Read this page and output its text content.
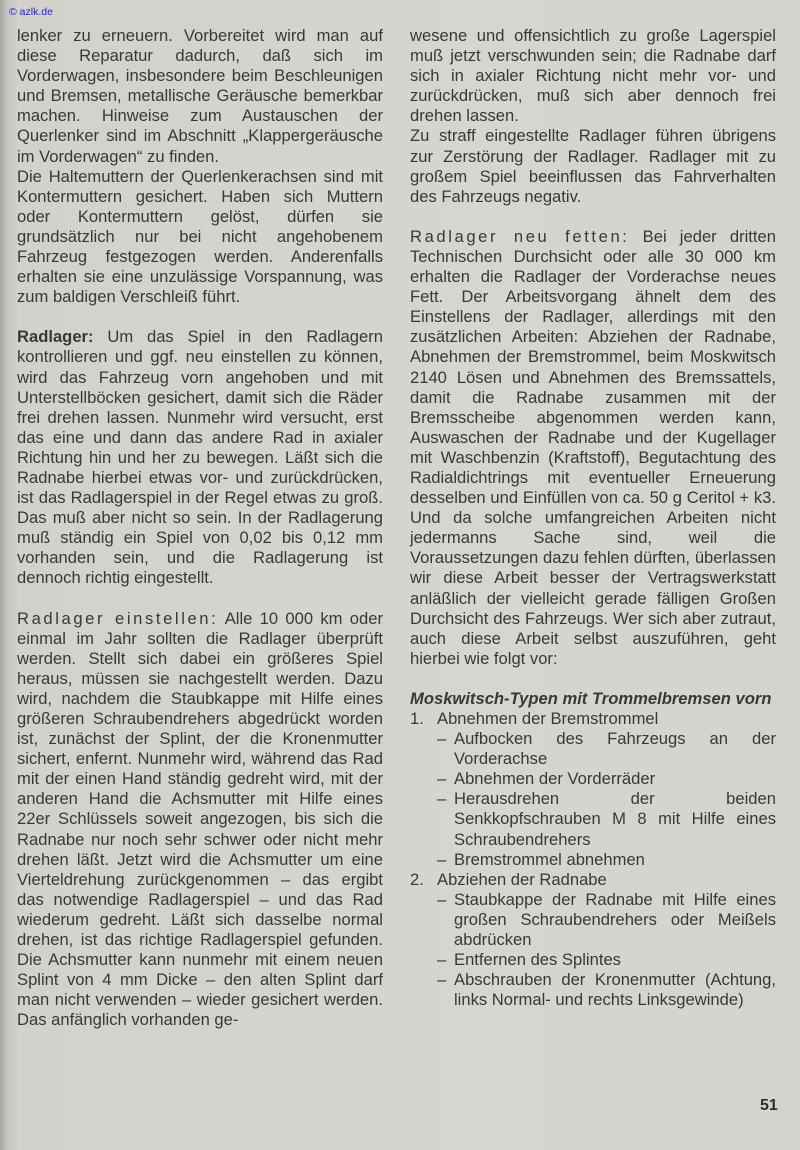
© azlk.de

lenker zu erneuern. Vorbereitet wird man auf diese Reparatur dadurch, daß sich im Vorderwagen, insbesondere beim Beschleunigen und Bremsen, metallische Geräusche bemerkbar machen. Hinweise zum Austauschen der Querlenker sind im Abschnitt „Klappergeräusche im Vorderwagen“ zu finden.

Die Haltemuttern der Querlenkerachsen sind mit Kontermuttern gesichert. Haben sich Muttern oder Kontermuttern gelöst, dürfen sie grundsätzlich nur bei nicht angehobenem Fahrzeug festgezogen werden. Anderenfalls erhalten sie eine unzulässige Vorspannung, was zum baldigen Verschleiß führt.

Radlager: Um das Spiel in den Radlagern kontrollieren und ggf. neu einstellen zu können, wird das Fahrzeug vorn angehoben und mit Unterstellböcken gesichert, damit sich die Räder frei drehen lassen. Nunmehr wird versucht, erst das eine und dann das andere Rad in axialer Richtung hin und her zu bewegen. Läßt sich die Radnabe hierbei etwas vor- und zurückdrücken, ist das Radlagerspiel in der Regel etwas zu groß. Das muß aber nicht so sein. In der Radlagerung muß ständig ein Spiel von 0,02 bis 0,12 mm vorhanden sein, und die Radlagerung ist dennoch richtig eingestellt.

Radlager einstellen: Alle 10 000 km oder einmal im Jahr sollten die Radlager überprüft werden. Stellt sich dabei ein größeres Spiel heraus, müssen sie nachgestellt werden. Dazu wird, nachdem die Staubkappe mit Hilfe eines größeren Schraubendrehers abgedrückt worden ist, zunächst der Splint, der die Kronenmutter sichert, enfernt. Nunmehr wird, während das Rad mit der einen Hand ständig gedreht wird, mit der anderen Hand die Achsmutter mit Hilfe eines 22er Schlüssels soweit angezogen, bis sich die Radnabe nur noch sehr schwer oder nicht mehr drehen läßt. Jetzt wird die Achsmutter um eine Vierteldrehung zurückgenommen – das ergibt das notwendige Radlagerspiel – und das Rad wiederum gedreht. Läßt sich dasselbe normal drehen, ist das richtige Radlagerspiel gefunden. Die Achsmutter kann nunmehr mit einem neuen Splint von 4 mm Dicke – den alten Splint darf man nicht verwenden – wieder gesichert werden. Das anfänglich vorhanden ge-

wesene und offensichtlich zu große Lagerspiel muß jetzt verschwunden sein; die Radnabe darf sich in axialer Richtung nicht mehr vor- und zurückdrücken, muß sich aber dennoch frei drehen lassen.

Zu straff eingestellte Radlager führen übrigens zur Zerstörung der Radlager. Radlager mit zu großem Spiel beeinflussen das Fahrverhalten des Fahrzeugs negativ.

Radlager neu fetten: Bei jeder dritten Technischen Durchsicht oder alle 30 000 km erhalten die Radlager der Vorderachse neues Fett. Der Arbeitsvorgang ähnelt dem des Einstellens der Radlager, allerdings mit den zusätzlichen Arbeiten: Abziehen der Radnabe, Abnehmen der Bremstrommel, beim Moskwitsch 2140 Lösen und Abnehmen des Bremssattels, damit die Radnabe zusammen mit der Bremsscheibe abgenommen werden kann, Auswaschen der Radnabe und der Kugellager mit Waschbenzin (Kraftstoff), Begutachtung des Radialdichtrings mit eventueller Erneuerung desselben und Einfüllen von ca. 50 g Ceritol + k3. Und da solche umfangreichen Arbeiten nicht jedermanns Sache sind, weil die Voraussetzungen dazu fehlen dürften, überlassen wir diese Arbeit besser der Vertragswerkstatt anläßlich der vielleicht gerade fälligen Großen Durchsicht des Fahrzeugs. Wer sich aber zutraut, auch diese Arbeit selbst auszuführen, geht hierbei wie folgt vor:

Moskwitsch-Typen mit Trommelbremsen vorn
1. Abnehmen der Bremstrommel
– Aufbocken des Fahrzeugs an der Vorderachse
– Abnehmen der Vorderräder
– Herausdrehen der beiden Senkkopfschrauben M 8 mit Hilfe eines Schraubendrehers
– Bremstrommel abnehmen
2. Abziehen der Radnabe
– Staubkappe der Radnabe mit Hilfe eines großen Schraubendrehers oder Meißels abdrücken
– Entfernen des Splintes
– Abschrauben der Kronenmutter (Achtung, links Normal- und rechts Linksgewinde)
51
